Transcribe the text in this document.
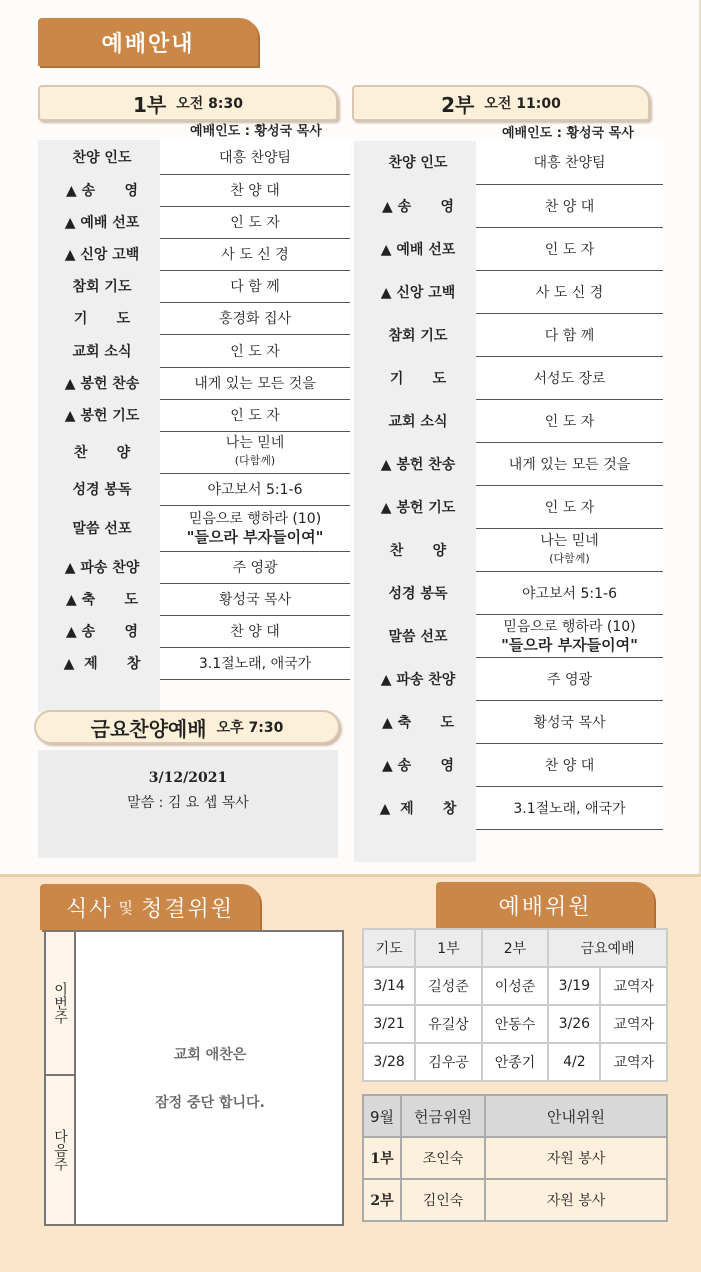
예배안내
1부 오전 8:30
예배인도 : 황성국 목사
2부 오전 11:00
예배인도 : 황성국 목사
찬양 인도	대흥 찬양팀
▲ 송      영	찬 양 대
▲ 예배 선포	인 도 자
▲ 신앙 고백	사 도 신 경
참회 기도	다 함 께
기      도	홍경화 집사
교회 소식	인 도 자
▲ 봉헌 찬송	내게 있는 모든 것을
▲ 봉헌 기도	인 도 자
찬      양	나는 믿네
(다함께)

성경 봉독	야고보서 5:1-6
말씀 선포	믿음으로 행하라 (10)
"들으라 부자들이여"

▲ 파송 찬양	주 영광
▲ 축      도	황성국 목사
▲ 송      영	찬 양 대
▲  제      창	3.1절노래, 애국가

찬양 인도	대흥 찬양팀
▲ 송      영	찬 양 대
▲ 예배 선포	인 도 자
▲ 신앙 고백	사 도 신 경
참회 기도	다 함 께
기      도	서성도 장로
교회 소식	인 도 자
▲ 봉헌 찬송	내게 있는 모든 것을
▲ 봉헌 기도	인 도 자
찬      양	나는 믿네
(다함께)

성경 봉독	야고보서 5:1-6
말씀 선포	믿음으로 행하라 (10)
"들으라 부자들이여"

▲ 파송 찬양	주 영광
▲ 축      도	황성국 목사
▲ 송      영	찬 양 대
▲  제      창	3.1절노래, 애국가

금요찬양예배 오후 7:30
3/12/2021
말씀 : 김 요 셉 목사
식사 및 청결위원
이번주
다음주
교회 애찬은
잠정 중단 합니다.
예배위원
기도	1부	2부	금요예배	
3/14	길성준	이성준	3/19	교역자
3/21	유길상	안동수	3/26	교역자
3/28	김우공	안종기	4/2	교역자
9월	헌금위원	안내위원
1부	조인숙	자원 봉사
2부	김인숙	자원 봉사
